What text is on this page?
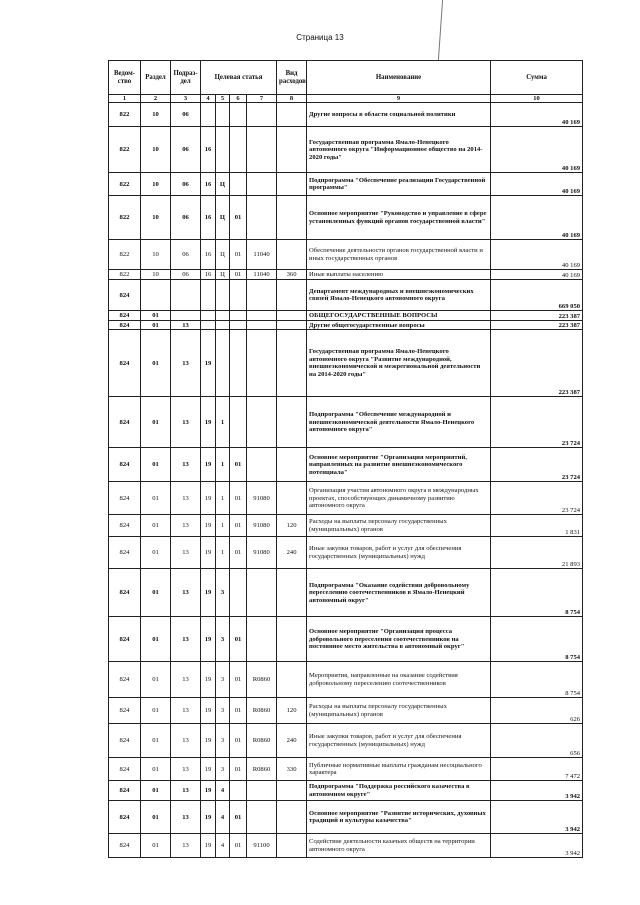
Страница 13
Ведом-ство	Раздел	Подраз-дел	Целевая статья				Вид расходов	Наименование	Сумма
1	2	3	4	5	6	7	8	9	10
822	10	06						Другие вопросы в области социальной политики	40 169
822	10	06	16					Государственная программа Ямало-Ненецкого автономного округа "Информационное общество на 2014-2020 годы"	40 169
822	10	06	16	Ц				Подпрограмма "Обеспечение реализации Государственной программы"	40 169
822	10	06	16	Ц	01			Основное мероприятие "Руководство и управление в сфере установленных функций органов государственной власти"	40 169
822	10	06	16	Ц	01	11040		Обеспечение деятельности органов государственной власти и иных государственных органов	40 169
822	10	06	16	Ц	01	11040	360	Иные выплаты населению	40 169
824								Департамент международных и внешнеэкономических связей Ямало-Ненецкого автономного округа	669 050
824	01							ОБЩЕГОСУДАРСТВЕННЫЕ ВОПРОСЫ	223 387
824	01	13						Другие общегосударственные вопросы	223 387
824	01	13	19					Государственная программа Ямало-Ненецкого автономного округа "Развитие международной, внешнеэкономической и межрегиональной деятельности на 2014-2020 годы"	223 387
824	01	13	19	1				Подпрограмма "Обеспечение международной и внешнеэкономической деятельности Ямало-Ненецкого автономного округа"	23 724
824	01	13	19	1	01			Основное мероприятие "Организация мероприятий, направленных на развитие внешнеэкономического потенциала"	23 724
824	01	13	19	1	01	91080		Организация участия автономного округа в международных проектах, способствующих динамичному развитию автономного округа	23 724
824	01	13	19	1	01	91080	120	Расходы на выплаты персоналу государственных (муниципальных) органов	1 831
824	01	13	19	1	01	91080	240	Иные закупки товаров, работ и услуг для обеспечения государственных (муниципальных) нужд	21 893
824	01	13	19	3				Подпрограмма "Оказание содействия добровольному переселению соотечественников в Ямало-Ненецкий автономный округ"	8 754
824	01	13	19	3	01			Основное мероприятие "Организация процесса добровольного переселения соотечественников на постоянное место жительства в автономный округ"	8 754
824	01	13	19	3	01	R0860		Мероприятия, направленные на оказание содействия добровольному переселению соотечественников	8 754
824	01	13	19	3	01	R0860	120	Расходы на выплаты персоналу государственных (муниципальных) органов	626
824	01	13	19	3	01	R0860	240	Иные закупки товаров, работ и услуг для обеспечения государственных (муниципальных) нужд	656
824	01	13	19	3	01	R0860	330	Публичные нормативные выплаты гражданам несоциального характера	7 472
824	01	13	19	4				Подпрограмма "Поддержка российского казачества в автономном округе"	3 942
824	01	13	19	4	01			Основное мероприятие "Развитие исторических, духовных традиций и культуры казачества"	3 942
824	01	13	19	4	01	91100		Содействие деятельности казачьих обществ на территории автономного округа	3 942
